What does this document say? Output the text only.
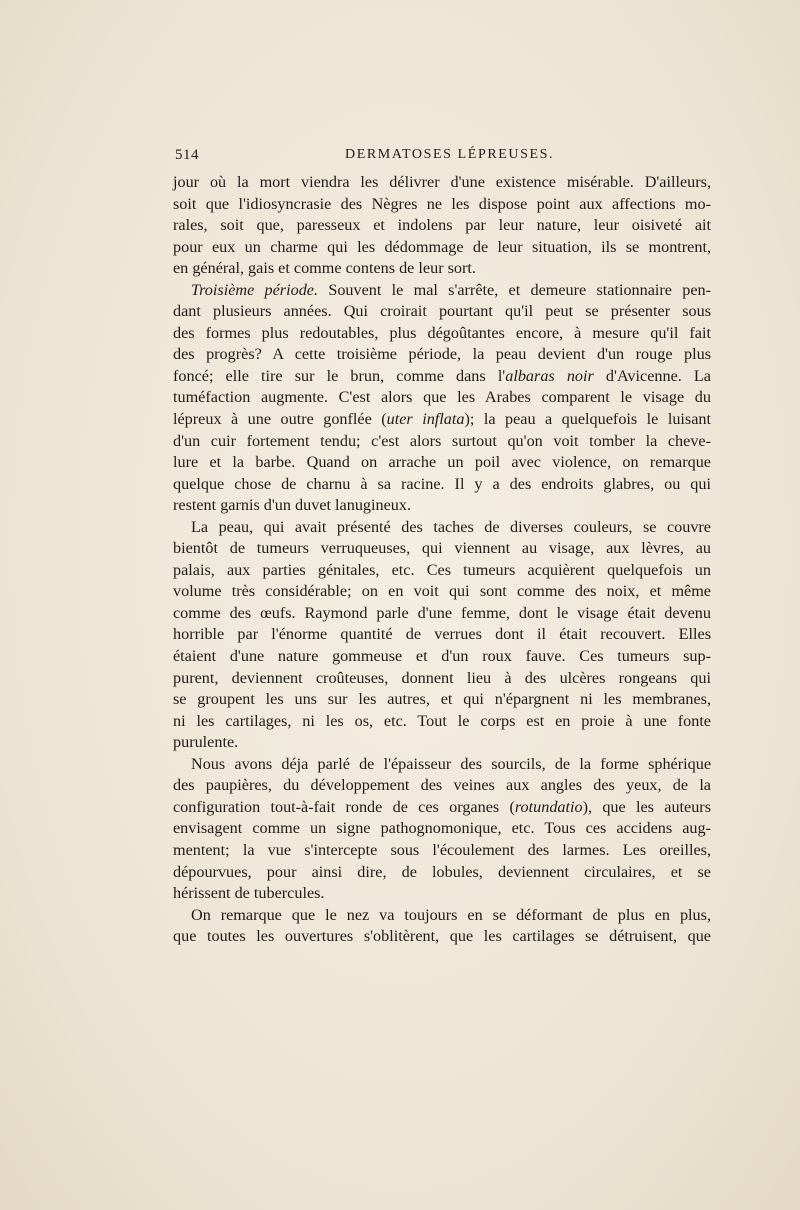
514	DERMATOSES LÉPREUSES.

jour où la mort viendra les délivrer d'une existence misérable. D'ailleurs,

soit que l'idiosyncrasie des Nègres ne les dispose point aux affections mo-

rales, soit que, paresseux et indolens par leur nature, leur oisiveté ait

pour eux un charme qui les dédommage de leur situation, ils se montrent,

en général, gais et comme contens de leur sort.

Troisième période. Souvent le mal s'arrête, et demeure stationnaire pen-

dant plusieurs années. Qui croirait pourtant qu'il peut se présenter sous

des formes plus redoutables, plus dégoûtantes encore, à mesure qu'il fait

des progrès? A cette troisième période, la peau devient d'un rouge plus

foncé; elle tire sur le brun, comme dans l'albaras noir d'Avicenne. La

tuméfaction augmente. C'est alors que les Arabes comparent le visage du

lépreux à une outre gonflée (uter inflata); la peau a quelquefois le luisant

d'un cuir fortement tendu; c'est alors surtout qu'on voit tomber la cheve-

lure et la barbe. Quand on arrache un poil avec violence, on remarque

quelque chose de charnu à sa racine. Il y a des endroits glabres, ou qui

restent garnis d'un duvet lanugineux.

La peau, qui avait présenté des taches de diverses couleurs, se couvre

bientôt de tumeurs verruqueuses, qui viennent au visage, aux lèvres, au

palais, aux parties génitales, etc. Ces tumeurs acquièrent quelquefois un

volume très considérable; on en voit qui sont comme des noix, et même

comme des œufs. Raymond parle d'une femme, dont le visage était devenu

horrible par l'énorme quantité de verrues dont il était recouvert. Elles

étaient d'une nature gommeuse et d'un roux fauve. Ces tumeurs sup-

purent, deviennent croûteuses, donnent lieu à des ulcères rongeans qui

se groupent les uns sur les autres, et qui n'épargnent ni les membranes,

ni les cartilages, ni les os, etc. Tout le corps est en proie à une fonte

purulente.

Nous avons déja parlé de l'épaisseur des sourcils, de la forme sphérique

des paupières, du développement des veines aux angles des yeux, de la

configuration tout-à-fait ronde de ces organes (rotundatio), que les auteurs

envisagent comme un signe pathognomonique, etc. Tous ces accidens aug-

mentent; la vue s'intercepte sous l'écoulement des larmes. Les oreilles,

dépourvues, pour ainsi dire, de lobules, deviennent circulaires, et se

hérissent de tubercules.

On remarque que le nez va toujours en se déformant de plus en plus,

que toutes les ouvertures s'oblitèrent, que les cartilages se détruisent, que
